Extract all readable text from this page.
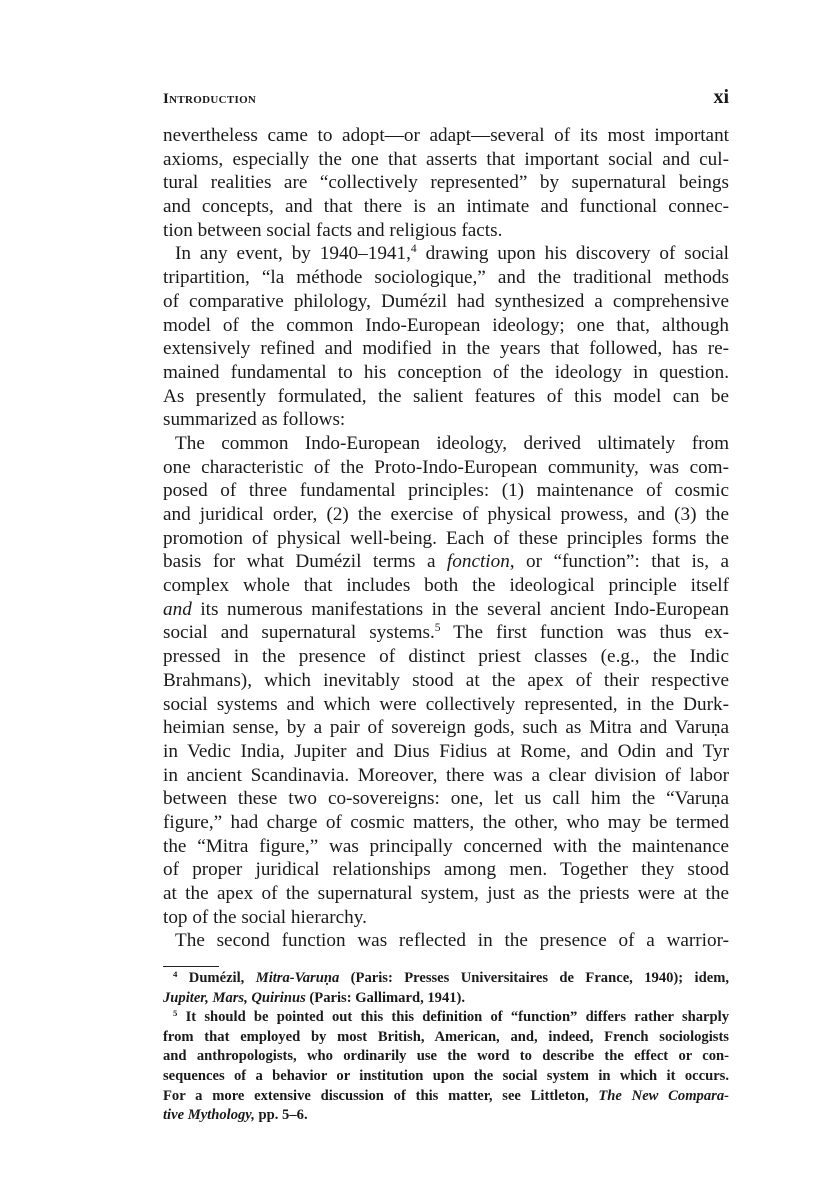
Introduction	xi
nevertheless came to adopt—or adapt—several of its most important
axioms, especially the one that asserts that important social and cul-
tural realities are “collectively represented” by supernatural beings
and concepts, and that there is an intimate and functional connec-
tion between social facts and religious facts.
In any event, by 1940–1941,$^4$ drawing upon his discovery of social
tripartition, “la méthode sociologique,” and the traditional methods
of comparative philology, Dumézil had synthesized a comprehensive
model of the common Indo-European ideology; one that, although
extensively refined and modified in the years that followed, has re-
mained fundamental to his conception of the ideology in question.
As presently formulated, the salient features of this model can be
summarized as follows:
The common Indo-European ideology, derived ultimately from
one characteristic of the Proto-Indo-European community, was com-
posed of three fundamental principles: (1) maintenance of cosmic
and juridical order, (2) the exercise of physical prowess, and (3) the
promotion of physical well-being. Each of these principles forms the
basis for what Dumézil terms a fonction, or “function”: that is, a
complex whole that includes both the ideological principle itself
and its numerous manifestations in the several ancient Indo-European
social and supernatural systems.$^5$ The first function was thus ex-
pressed in the presence of distinct priest classes (e.g., the Indic
Brahmans), which inevitably stood at the apex of their respective
social systems and which were collectively represented, in the Durk-
heimian sense, by a pair of sovereign gods, such as Mitra and Varuṇa
in Vedic India, Jupiter and Dius Fidius at Rome, and Odin and Tyr
in ancient Scandinavia. Moreover, there was a clear division of labor
between these two co-sovereigns: one, let us call him the “Varuṇa
figure,” had charge of cosmic matters, the other, who may be termed
the “Mitra figure,” was principally concerned with the maintenance
of proper juridical relationships among men. Together they stood
at the apex of the supernatural system, just as the priests were at the
top of the social hierarchy.
The second function was reflected in the presence of a warrior-
$^4$ Dumézil, Mitra-Varuṇa (Paris: Presses Universitaires de France, 1940); idem,
Jupiter, Mars, Quirinus (Paris: Gallimard, 1941).
$^5$ It should be pointed out this this definition of “function” differs rather sharply
from that employed by most British, American, and, indeed, French sociologists
and anthropologists, who ordinarily use the word to describe the effect or con-
sequences of a behavior or institution upon the social system in which it occurs.
For a more extensive discussion of this matter, see Littleton, The New Compara-
tive Mythology, pp. 5–6.
